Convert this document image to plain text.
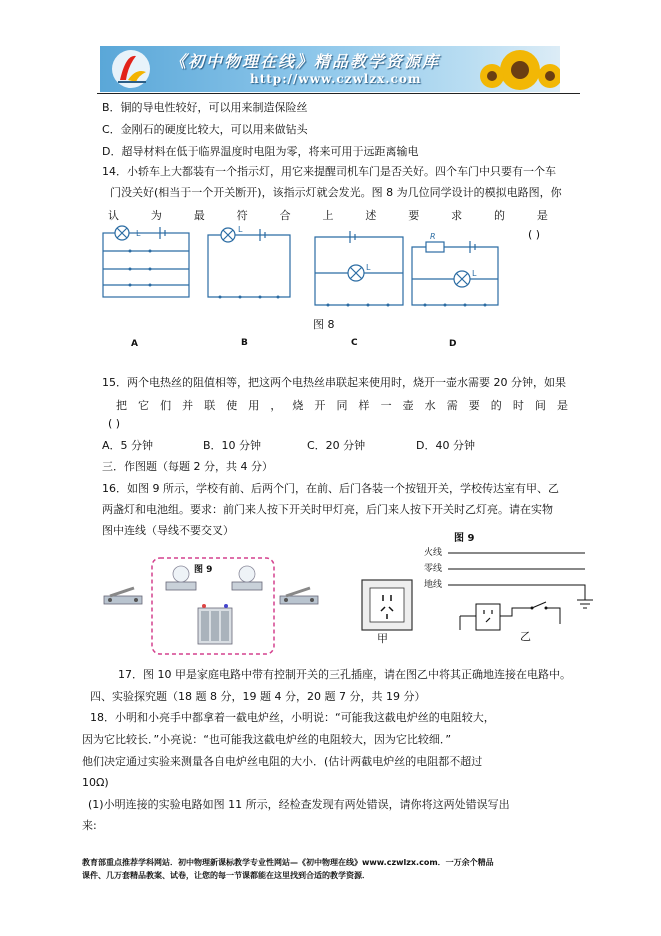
《初中物理在线》精品教学资源库
http://www.czwlzx.com
B．铜的导电性较好，可以用来制造保险丝
C．金刚石的硬度比较大，可以用来做钻头
D．超导材料在低于临界温度时电阻为零，将来可用于远距离输电
14．小轿车上大都装有一个指示灯，用它来提醒司机车门是否关好。四个车门中只要有一个车
门没关好(相当于一个开关断开)，该指示灯就会发光。图 8 为几位同学设计的模拟电路图，你
认	为	最	符	合	上	述	要	求	的	是
( )
L	L
L
R
L
图 8
A	B	C	D
15．两个电热丝的阻值相等，把这两个电热丝串联起来使用时，烧开一壶水需要 20 分钟，如果
把 它 们 并 联 使 用 ， 烧 开 同 样 一 壶 水 需 要 的 时 间 是
( )
A．5 分钟	B．10 分钟	C．20 分钟	D．40 分钟
三．作图题（每题 2 分，共 4 分）
16．如图 9 所示，学校有前、后两个门，在前、后门各装一个按钮开关，学校传达室有甲、乙
两盏灯和电池组。要求：前门来人按下开关时甲灯亮，后门来人按下开关时乙灯亮。请在实物
图中连线（导线不要交叉）
图 9
甲
图 9
火线
零线
地线
乙
17．图 10 甲是家庭电路中带有控制开关的三孔插座，请在图乙中将其正确地连接在电路中。
四、实验探究题（18 题 8 分，19 题 4 分，20 题 7 分，共 19 分）
18．小明和小亮手中都拿着一截电炉丝，小明说：“可能我这截电炉丝的电阻较大，
因为它比较长．”小亮说：“也可能我这截电炉丝的电阻较大，因为它比较细．”
他们决定通过实验来测量各自电炉丝电阻的大小．(估计两截电炉丝的电阻都不超过
10Ω)
(1)小明连接的实验电路如图 11 所示，经检查发现有两处错误，请你将这两处错误写出
来:
教育部重点推荐学科网站．初中物理新课标教学专业性网站—《初中物理在线》www.czwlzx.com．一万余个精品
课件、几万套精品教案、试卷，让您的每一节课都能在这里找到合适的教学资源．
